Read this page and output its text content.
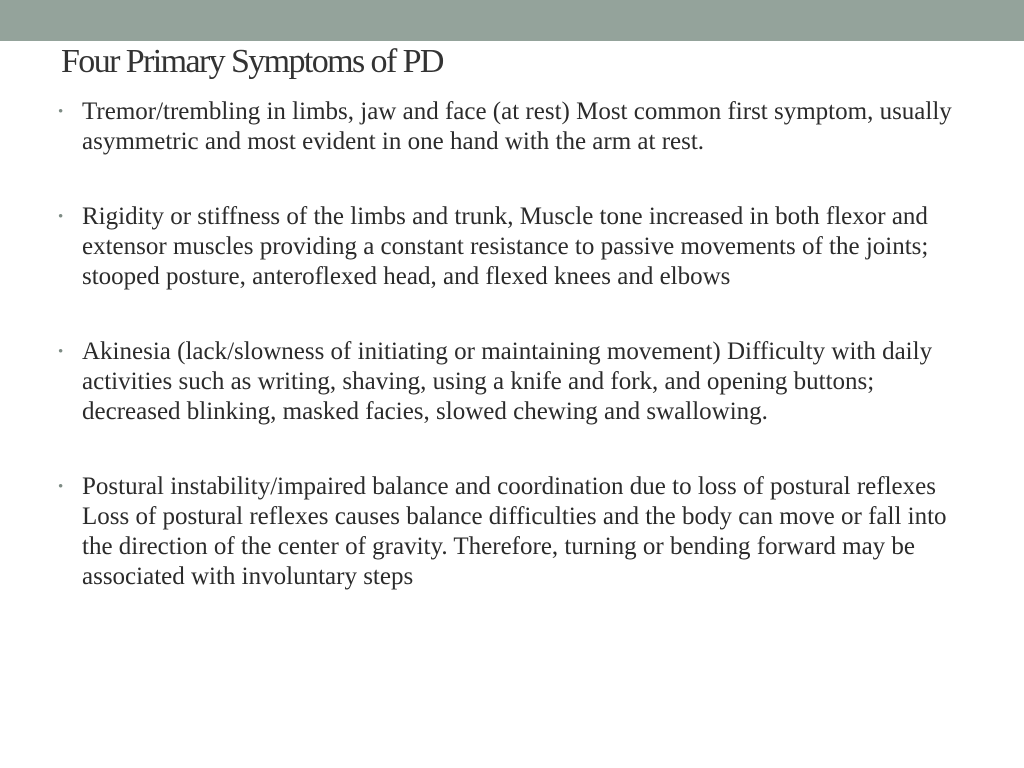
Four Primary Symptoms of PD
• Tremor/trembling in limbs, jaw and face (at rest) Most common first symptom, usually asymmetric and most evident in one hand with the arm at rest.
• Rigidity or stiffness of the limbs and trunk, Muscle tone increased in both flexor and extensor muscles providing a constant resistance to passive movements of the joints; stooped posture, anteroflexed head, and flexed knees and elbows
• Akinesia (lack/slowness of initiating or maintaining movement) Difficulty with daily activities such as writing, shaving, using a knife and fork, and opening buttons; decreased blinking, masked facies, slowed chewing and swallowing.
• Postural instability/impaired balance and coordination due to loss of postural reflexes Loss of postural reflexes causes balance difficulties and the body can move or fall into the direction of the center of gravity. Therefore, turning or bending forward may be associated with involuntary steps
